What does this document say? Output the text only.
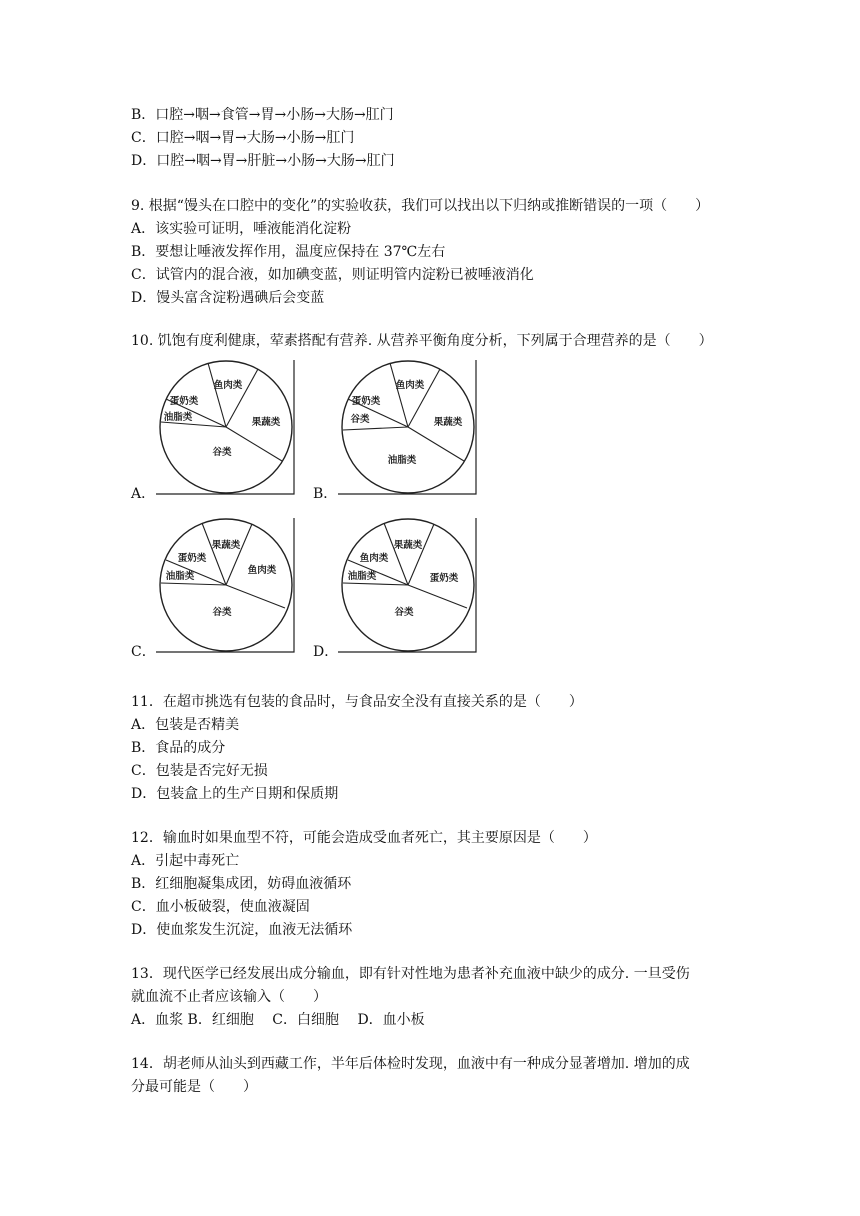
B．口腔→咽→食管→胃→小肠→大肠→肛门
C．口腔→咽→胃→大肠→小肠→肛门
D．口腔→咽→胃→肝脏→小肠→大肠→肛门
9. 根据“馒头在口腔中的变化”的实验收获，我们可以找出以下归纳或推断错误的一项（　　）
A．该实验可证明，唾液能消化淀粉
B．要想让唾液发挥作用，温度应保持在 37℃左右
C．试管内的混合液，如加碘变蓝，则证明管内淀粉已被唾液消化
D．馒头富含淀粉遇碘后会变蓝
10. 饥饱有度利健康，荤素搭配有营养. 从营养平衡角度分析，下列属于合理营养的是（　　）
A．
鱼肉类
果蔬类
谷类
油脂类
蛋奶类
B．
鱼肉类
果蔬类
油脂类
谷类
蛋奶类
C．
果蔬类
鱼肉类
谷类
油脂类
蛋奶类
D．
果蔬类
蛋奶类
谷类
油脂类
鱼肉类
11．在超市挑选有包装的食品时，与食品安全没有直接关系的是（　　）
A．包装是否精美
B．食品的成分
C．包装是否完好无损
D．包装盒上的生产日期和保质期
12．输血时如果血型不符，可能会造成受血者死亡，其主要原因是（　　）
A．引起中毒死亡
B．红细胞凝集成团，妨碍血液循环
C．血小板破裂，使血液凝固
D．使血浆发生沉淀，血液无法循环
13．现代医学已经发展出成分输血，即有针对性地为患者补充血液中缺少的成分. 一旦受伤
就血流不止者应该输入（　　）
A．血浆 B．红细胞　 C．白细胞　 D．血小板
14．胡老师从汕头到西藏工作，半年后体检时发现，血液中有一种成分显著增加. 增加的成
分最可能是（　　）
